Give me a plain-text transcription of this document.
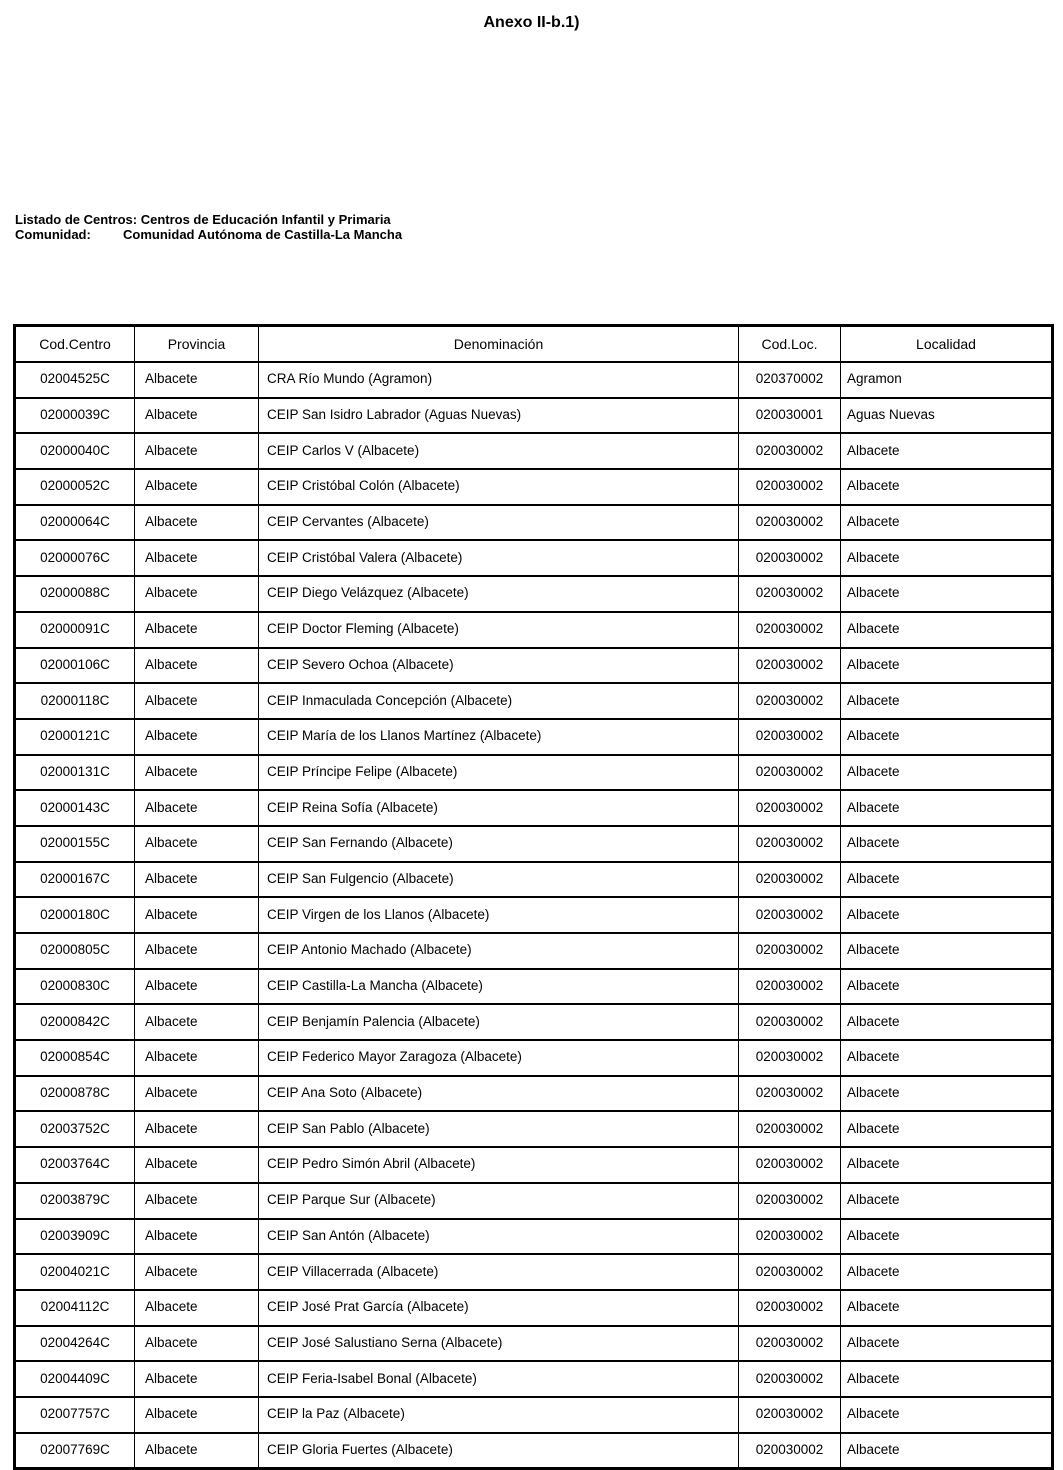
Anexo II-b.1)
Listado de Centros:
Centros de Educación Infantil y Primaria
Comunidad:	Comunidad Autónoma de Castilla-La Mancha
Cod.Centro	Provincia	Denominación	Cod.Loc.	Localidad
02004525C	Albacete	CRA Río Mundo (Agramon)	020370002	Agramon
02000039C	Albacete	CEIP San Isidro Labrador (Aguas Nuevas)	020030001	Aguas Nuevas
02000040C	Albacete	CEIP Carlos V (Albacete)	020030002	Albacete
02000052C	Albacete	CEIP Cristóbal Colón (Albacete)	020030002	Albacete
02000064C	Albacete	CEIP Cervantes (Albacete)	020030002	Albacete
02000076C	Albacete	CEIP Cristóbal Valera (Albacete)	020030002	Albacete
02000088C	Albacete	CEIP Diego Velázquez (Albacete)	020030002	Albacete
02000091C	Albacete	CEIP Doctor Fleming (Albacete)	020030002	Albacete
02000106C	Albacete	CEIP Severo Ochoa (Albacete)	020030002	Albacete
02000118C	Albacete	CEIP Inmaculada Concepción (Albacete)	020030002	Albacete
02000121C	Albacete	CEIP María de los Llanos Martínez (Albacete)	020030002	Albacete
02000131C	Albacete	CEIP Príncipe Felipe (Albacete)	020030002	Albacete
02000143C	Albacete	CEIP Reina Sofía (Albacete)	020030002	Albacete
02000155C	Albacete	CEIP San Fernando (Albacete)	020030002	Albacete
02000167C	Albacete	CEIP San Fulgencio (Albacete)	020030002	Albacete
02000180C	Albacete	CEIP Virgen de los Llanos (Albacete)	020030002	Albacete
02000805C	Albacete	CEIP Antonio Machado (Albacete)	020030002	Albacete
02000830C	Albacete	CEIP Castilla-La Mancha (Albacete)	020030002	Albacete
02000842C	Albacete	CEIP Benjamín Palencia (Albacete)	020030002	Albacete
02000854C	Albacete	CEIP Federico Mayor Zaragoza (Albacete)	020030002	Albacete
02000878C	Albacete	CEIP Ana Soto (Albacete)	020030002	Albacete
02003752C	Albacete	CEIP San Pablo (Albacete)	020030002	Albacete
02003764C	Albacete	CEIP Pedro Simón Abril (Albacete)	020030002	Albacete
02003879C	Albacete	CEIP Parque Sur (Albacete)	020030002	Albacete
02003909C	Albacete	CEIP San Antón (Albacete)	020030002	Albacete
02004021C	Albacete	CEIP Villacerrada (Albacete)	020030002	Albacete
02004112C	Albacete	CEIP José Prat García (Albacete)	020030002	Albacete
02004264C	Albacete	CEIP José Salustiano Serna (Albacete)	020030002	Albacete
02004409C	Albacete	CEIP Feria-Isabel Bonal (Albacete)	020030002	Albacete
02007757C	Albacete	CEIP la Paz (Albacete)	020030002	Albacete
02007769C	Albacete	CEIP Gloria Fuertes (Albacete)	020030002	Albacete
